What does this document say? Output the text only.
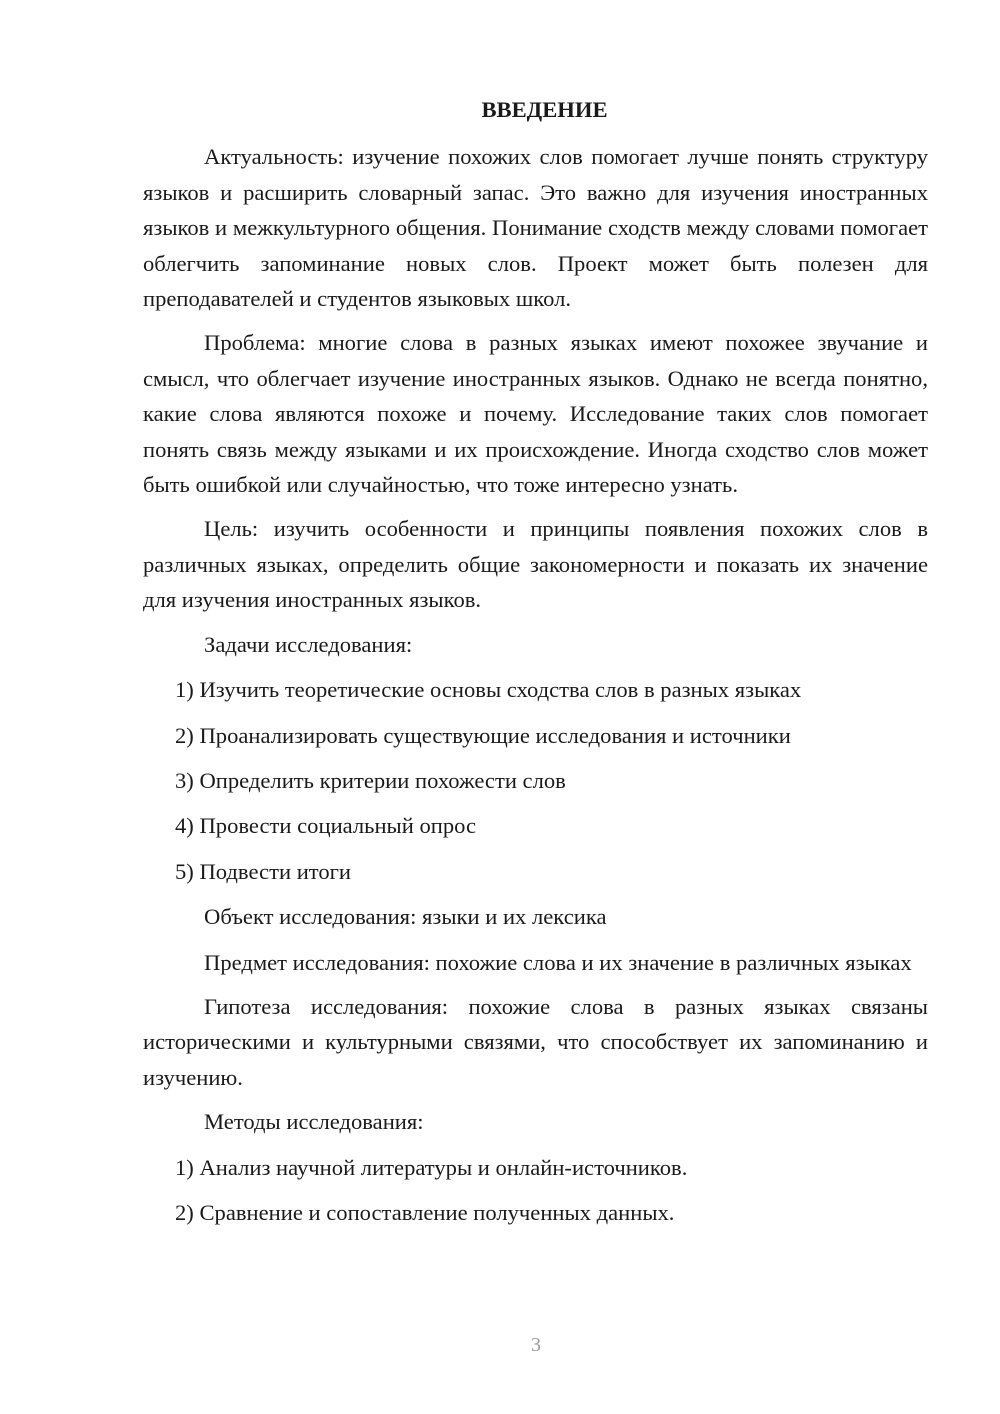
ВВЕДЕНИЕ

Актуальность: изучение похожих слов помогает лучше понять структуру языков и расширить словарный запас. Это важно для изучения иностранных языков и межкультурного общения. Понимание сходств между словами помогает облегчить запоминание новых слов. Проект может быть полезен для преподавателей и студентов языковых школ.

Проблема: многие слова в разных языках имеют похожее звучание и смысл, что облегчает изучение иностранных языков. Однако не всегда понятно, какие слова являются похоже и почему. Исследование таких слов помогает понять связь между языками и их происхождение. Иногда сходство слов может быть ошибкой или случайностью, что тоже интересно узнать.

Цель: изучить особенности и принципы появления похожих слов в различных языках, определить общие закономерности и показать их значение для изучения иностранных языков.

Задачи исследования:
1) Изучить теоретические основы сходства слов в разных языках
2) Проанализировать существующие исследования и источники
3) Определить критерии похожести слов
4) Провести социальный опрос
5) Подвести итоги
Объект исследования: языки и их лексика

Предмет исследования: похожие слова и их значение в различных языках

Гипотеза исследования: похожие слова в разных языках связаны историческими и культурными связями, что способствует их запоминанию и изучению.

Методы исследования:
1) Анализ научной литературы и онлайн-источников.
2) Сравнение и сопоставление полученных данных.
3
